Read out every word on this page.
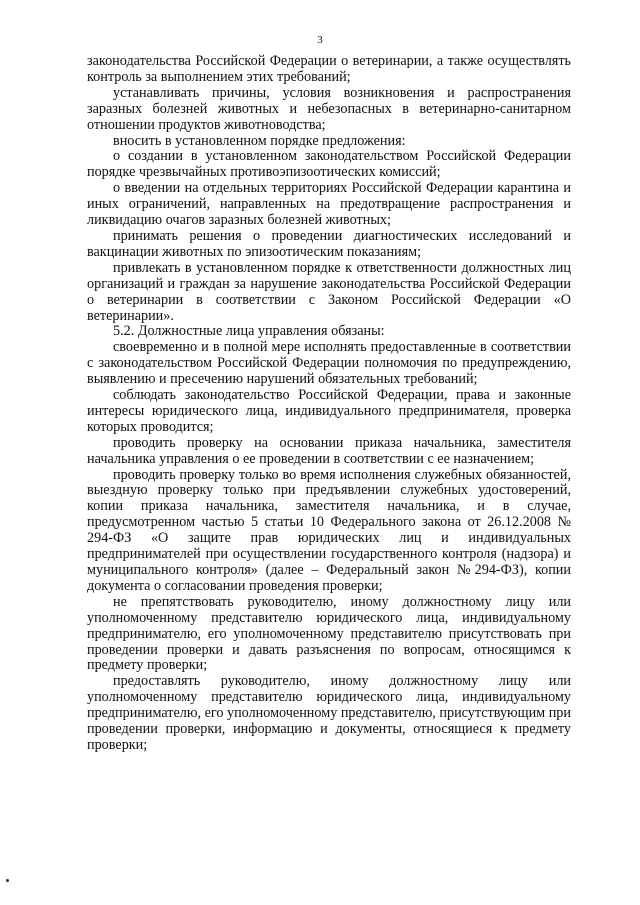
3

законодательства Российской Федерации о ветеринарии, а также осуществлять контроль за выполнением этих требований;

устанавливать причины, условия возникновения и распространения заразных болезней животных и небезопасных в ветеринарно-санитарном отношении продуктов животноводства;

вносить в установленном порядке предложения:

о создании в установленном законодательством Российской Федерации порядке чрезвычайных противоэпизоотических комиссий;

о введении на отдельных территориях Российской Федерации карантина и иных ограничений, направленных на предотвращение распространения и ликвидацию очагов заразных болезней животных;

принимать решения о проведении диагностических исследований и вакцинации животных по эпизоотическим показаниям;

привлекать в установленном порядке к ответственности должностных лиц организаций и граждан за нарушение законодательства Российской Федерации о ветеринарии в соответствии с Законом Российской Федерации «О ветеринарии».

5.2. Должностные лица управления обязаны:

своевременно и в полной мере исполнять предоставленные в соответствии с законодательством Российской Федерации полномочия по предупреждению, выявлению и пресечению нарушений обязательных требований;

соблюдать законодательство Российской Федерации, права и законные интересы юридического лица, индивидуального предпринимателя, проверка которых проводится;

проводить проверку на основании приказа начальника, заместителя начальника управления о ее проведении в соответствии с ее назначением;

проводить проверку только во время исполнения служебных обязанностей, выездную проверку только при предъявлении служебных удостоверений, копии приказа начальника, заместителя начальника, и в случае, предусмотренном частью 5 статьи 10 Федерального закона от 26.12.2008 № 294-ФЗ «О защите прав юридических лиц и индивидуальных предпринимателей при осуществлении государственного контроля (надзора) и муниципального контроля» (далее – Федеральный закон №294-ФЗ), копии документа о согласовании проведения проверки;

не препятствовать руководителю, иному должностному лицу или уполномоченному представителю юридического лица, индивидуальному предпринимателю, его уполномоченному представителю присутствовать при проведении проверки и давать разъяснения по вопросам, относящимся к предмету проверки;

предоставлять руководителю, иному должностному лицу или уполномоченному представителю юридического лица, индивидуальному предпринимателю, его уполномоченному представителю, присутствующим при проведении проверки, информацию и документы, относящиеся к предмету проверки;
